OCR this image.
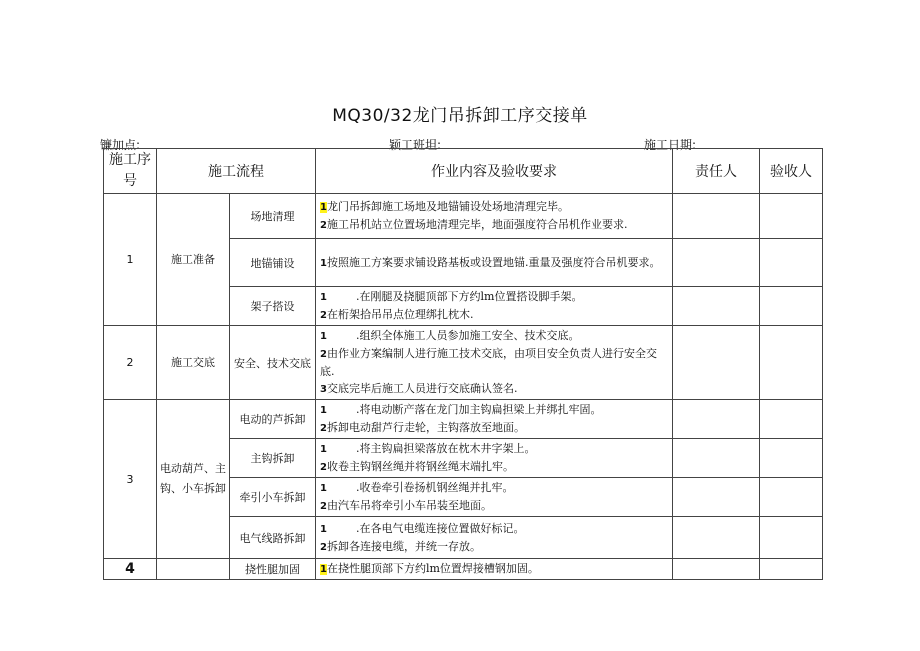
MQ30/32龙门吊拆卸工序交接单
镰加点:	颖工班坦:	施工日期:
施工序号	施工流程		作业内容及验收要求	责任人	验收人
1	施工准备	场地清理	1龙门吊拆卸施工场地及地锚铺设处场地清理完毕。
2施工吊机站立位置场地清理完毕，地面强度符合吊机作业要求.		

		地锚铺设	1按照施工方案要求铺设路基板或设置地锚.重量及强度符合吊机要求。		

		架子搭设	1 .在刚腿及挠腿顶部下方约lm位置搭设脚手架。
2在桁架拾吊吊点位理绑扎枕木.		

2	施工交底	安全、技术交底	1 .组织全体施工人员参加施工安全、技术交底。
2由作业方案编制人进行施工技术交底，由项目安全负责人进行安全交底.
3交底完毕后施工人员进行交底确认签名.		

3	电动葫芦、主钩、小车拆卸	电动的芦拆卸	1 .将电动断产落在龙门加主钩扁担梁上并绑扎牢固。
2拆卸电动甜芦行走轮，主钩落放至地面。		

		主钩拆卸	1 .将主钩扁担梁落放在枕木井字架上。
2收卷主钩钢丝绳并将钢丝绳末端扎牢。		

		牵引小车拆卸	1 .收卷牵引卷扬机钢丝绳并扎牢。
2由汽车吊将牵引小车吊装至地面。		

		电气线路拆卸	1 .在各电气电缆连接位置做好标记。
2拆卸各连接电缆，并统一存放。		

4		挠性腿加固	1在挠性腿顶部下方约lm位置焊接槽钢加固。		
